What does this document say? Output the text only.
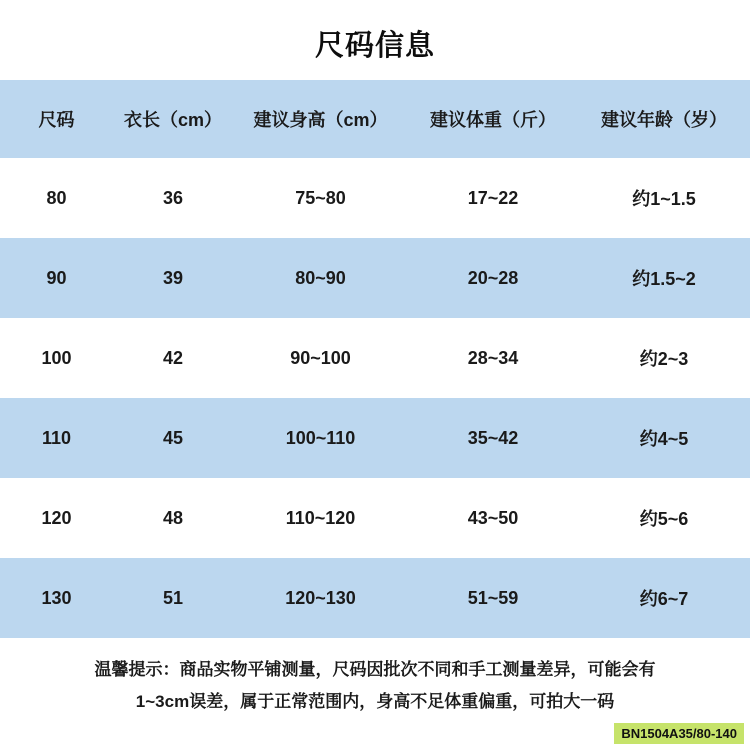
尺码信息
尺码	衣长（cm）	建议身高（cm）	建议体重（斤）	建议年龄（岁）
80	36	75~80	17~22	约1~1.5
90	39	80~90	20~28	约1.5~2
100	42	90~100	28~34	约2~3
110	45	100~110	35~42	约4~5
120	48	110~120	43~50	约5~6
130	51	120~130	51~59	约6~7
温馨提示：商品实物平铺测量，尺码因批次不同和手工测量差异，可能会有
1~3cm误差，属于正常范围内，身高不足体重偏重，可拍大一码
BN1504A35/80-140
